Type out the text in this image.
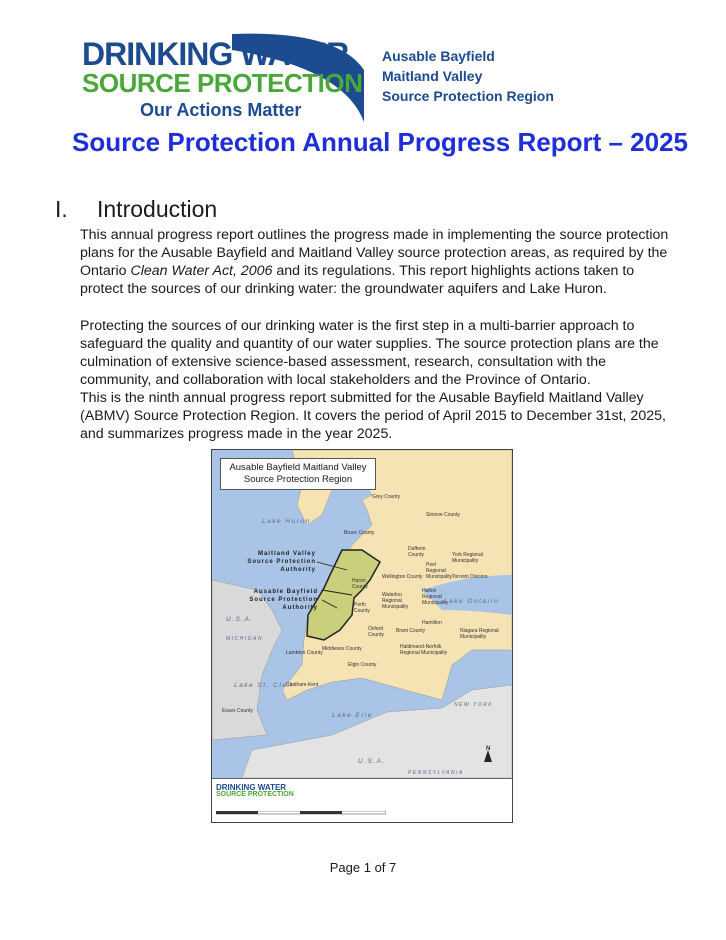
DRINKING WATER
SOURCE PROTECTION
Our Actions Matter
Ausable Bayfield
Maitland Valley
Source Protection Region
Source Protection Annual Progress Report – 2025
I. Introduction
This annual progress report outlines the progress made in implementing the source protection plans for the Ausable Bayfield and Maitland Valley source protection areas, as required by the Ontario Clean Water Act, 2006 and its regulations. This report highlights actions taken to protect the sources of our drinking water: the groundwater aquifers and Lake Huron.
Protecting the sources of our drinking water is the first step in a multi-barrier approach to safeguard the quality and quantity of our water supplies. The source protection plans are the culmination of extensive science-based assessment, research, consultation with the community, and collaboration with local stakeholders and the Province of Ontario.
This is the ninth annual progress report submitted for the Ausable Bayfield Maitland Valley (ABMV) Source Protection Region. It covers the period of April 2015 to December 31st, 2025, and summarizes progress made in the year 2025.
Ausable Bayfield Maitland Valley Source Protection Region
Lake Huron
Lake Ontario
Lake St. Clair
Lake Erie
U.S.A.
U.S.A.
MICHIGAN
NEW YORK
PENNSYLVANIA
Maitland Valley Source Protection Authority
Ausable Bayfield Source Protection Authority
Bruce County
Grey County
Simcoe County
Dufferin County	York Regional Municipality
Peel Regional Municipality Toronto Division
Wellington County
Halton Regional Municipality
Huron County
Waterloo Regional Municipality
Perth County
Hamilton
Oxford County
Brant County	Niagara Regional Municipality
Haldimand-Norfolk Regional Municipality
Middlesex County
Lambton County
Elgin County
Chatham-Kent
Essex County
N
DRINKING WATER
SOURCE PROTECTION
Page 1 of 7
